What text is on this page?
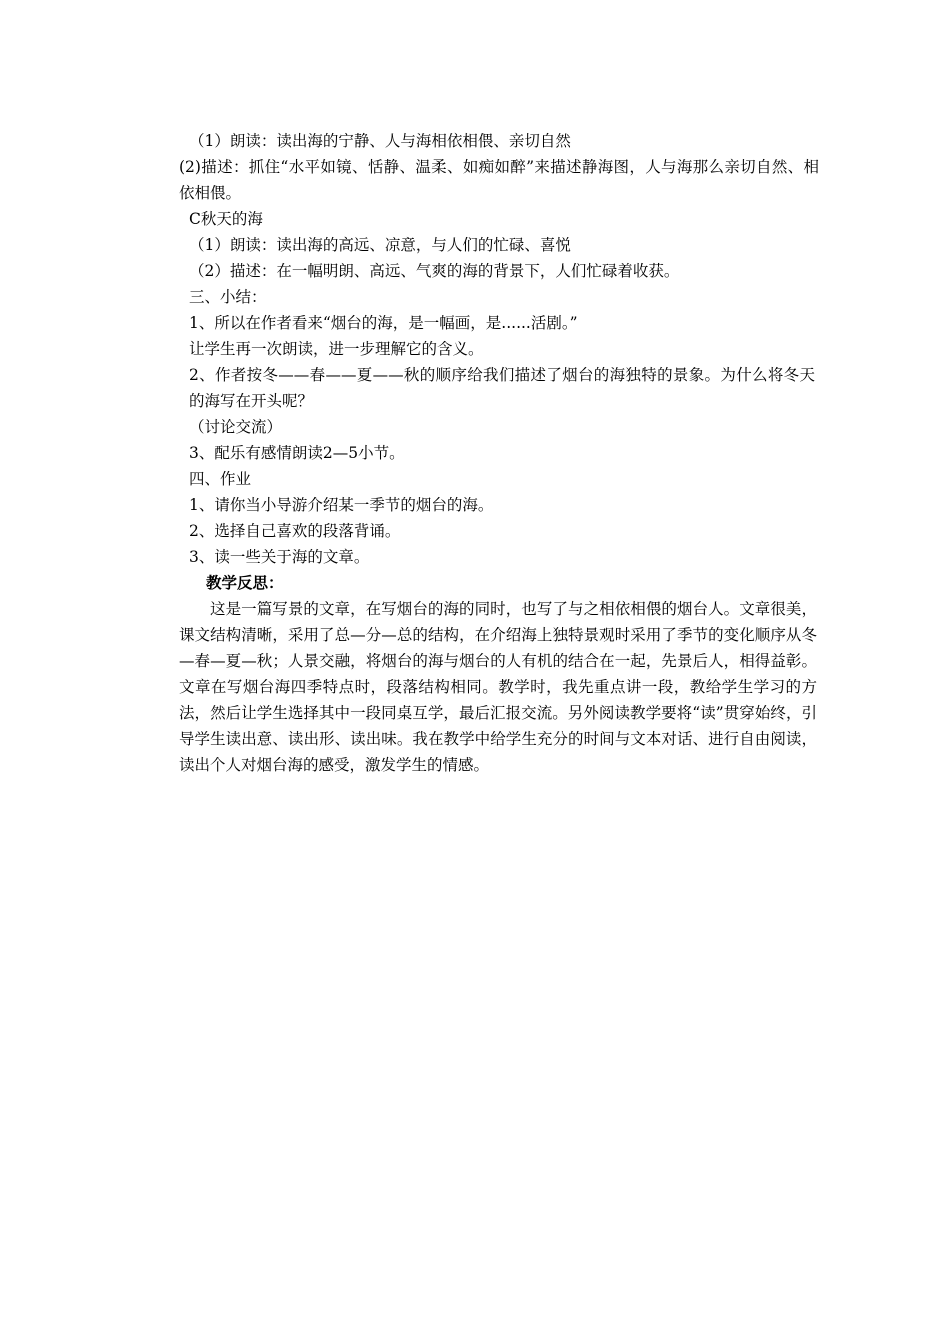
（1）朗读：读出海的宁静、人与海相依相偎、亲切自然
(2)描述：抓住“水平如镜、恬静、温柔、如痴如醉”来描述静海图，人与海那么亲切自然、相依相偎。
C秋天的海
（1）朗读：读出海的高远、凉意，与人们的忙碌、喜悦
（2）描述：在一幅明朗、高远、气爽的海的背景下，人们忙碌着收获。
三、小结：
1、所以在作者看来“烟台的海，是一幅画，是......活剧。”
让学生再一次朗读，进一步理解它的含义。
2、作者按冬——春——夏——秋的顺序给我们描述了烟台的海独特的景象。为什么将冬天的海写在开头呢？
（讨论交流）
3、配乐有感情朗读2—5小节。
四、作业
1、请你当小导游介绍某一季节的烟台的海。
2、选择自己喜欢的段落背诵。
3、读一些关于海的文章。
教学反思：

这是一篇写景的文章，在写烟台的海的同时，也写了与之相依相偎的烟台人。文章很美，课文结构清晰，采用了总—分—总的结构，在介绍海上独特景观时采用了季节的变化顺序从冬—春—夏—秋；人景交融，将烟台的海与烟台的人有机的结合在一起，先景后人，相得益彰。文章在写烟台海四季特点时，段落结构相同。教学时，我先重点讲一段，教给学生学习的方法，然后让学生选择其中一段同桌互学，最后汇报交流。另外阅读教学要将“读”贯穿始终，引导学生读出意、读出形、读出味。我在教学中给学生充分的时间与文本对话、进行自由阅读，读出个人对烟台海的感受，激发学生的情感。
